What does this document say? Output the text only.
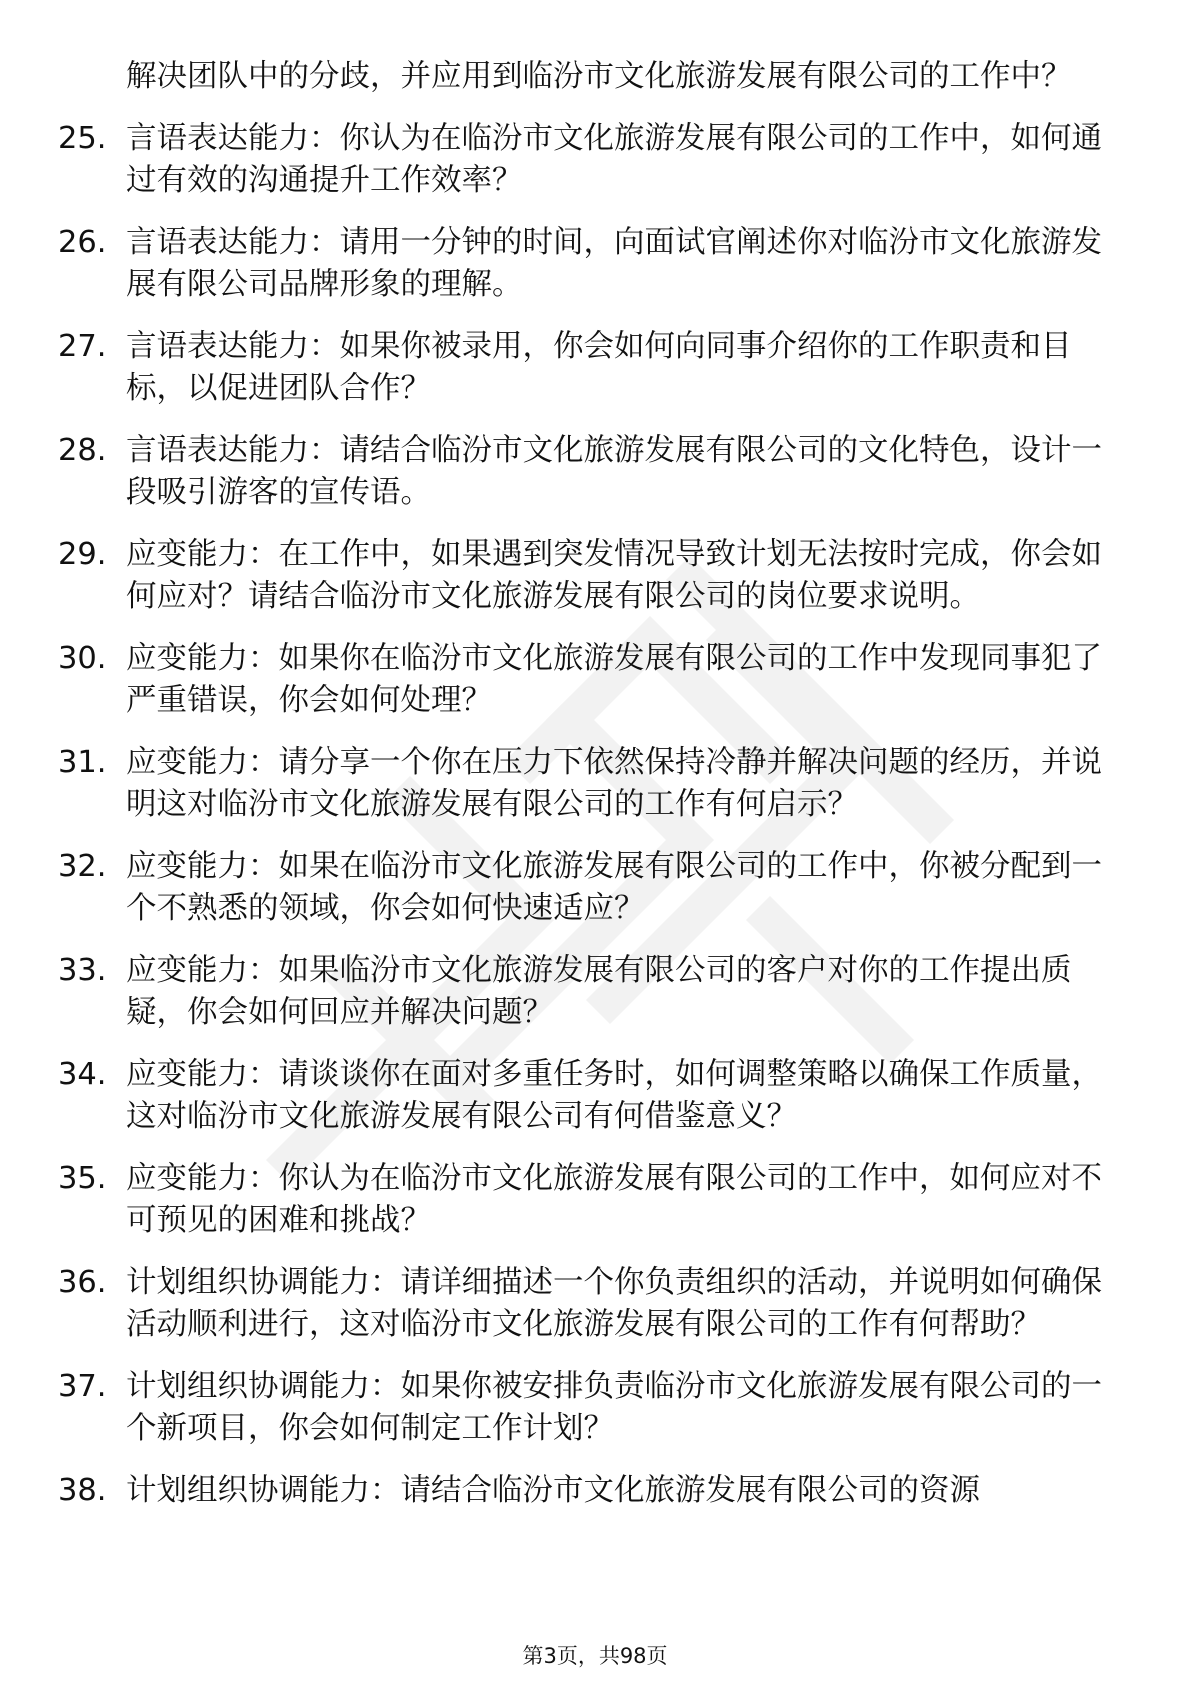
解决团队中的分歧，并应用到临汾市文化旅游发展有限公司的工作中？
25. 言语表达能力：你认为在临汾市文化旅游发展有限公司的工作中，如何通过有效的沟通提升工作效率？
26. 言语表达能力：请用一分钟的时间，向面试官阐述你对临汾市文化旅游发展有限公司品牌形象的理解。
27. 言语表达能力：如果你被录用，你会如何向同事介绍你的工作职责和目标，以促进团队合作？
28. 言语表达能力：请结合临汾市文化旅游发展有限公司的文化特色，设计一段吸引游客的宣传语。
29. 应变能力：在工作中，如果遇到突发情况导致计划无法按时完成，你会如何应对？请结合临汾市文化旅游发展有限公司的岗位要求说明。
30. 应变能力：如果你在临汾市文化旅游发展有限公司的工作中发现同事犯了严重错误，你会如何处理？
31. 应变能力：请分享一个你在压力下依然保持冷静并解决问题的经历，并说明这对临汾市文化旅游发展有限公司的工作有何启示？
32. 应变能力：如果在临汾市文化旅游发展有限公司的工作中，你被分配到一个不熟悉的领域，你会如何快速适应？
33. 应变能力：如果临汾市文化旅游发展有限公司的客户对你的工作提出质疑，你会如何回应并解决问题？
34. 应变能力：请谈谈你在面对多重任务时，如何调整策略以确保工作质量，这对临汾市文化旅游发展有限公司有何借鉴意义？
35. 应变能力：你认为在临汾市文化旅游发展有限公司的工作中，如何应对不可预见的困难和挑战？
36. 计划组织协调能力：请详细描述一个你负责组织的活动，并说明如何确保活动顺利进行，这对临汾市文化旅游发展有限公司的工作有何帮助？
37. 计划组织协调能力：如果你被安排负责临汾市文化旅游发展有限公司的一个新项目，你会如何制定工作计划？
38. 计划组织协调能力：请结合临汾市文化旅游发展有限公司的资源
第3页，共98页
